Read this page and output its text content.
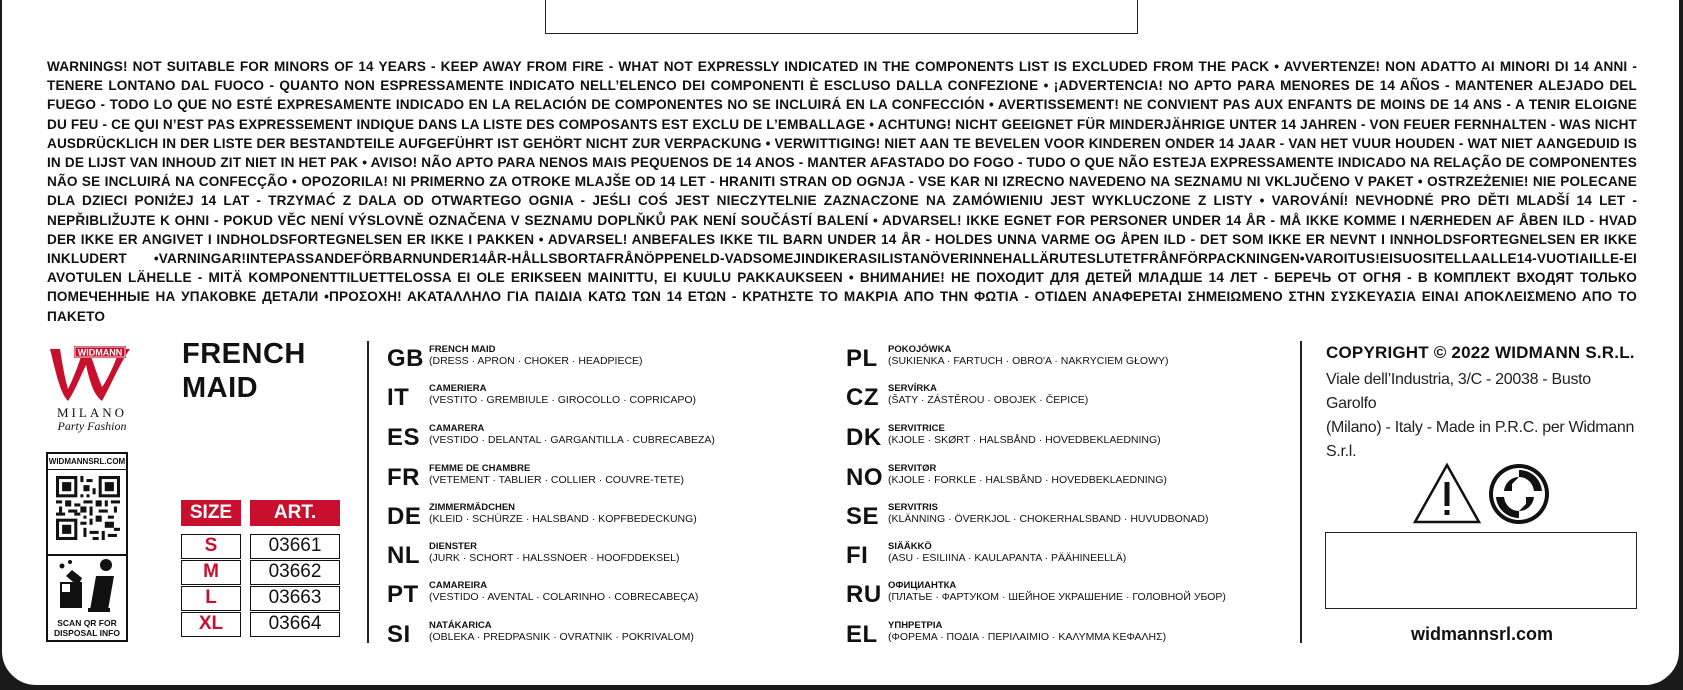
WARNINGS! NOT SUITABLE FOR MINORS OF 14 YEARS - KEEP AWAY FROM FIRE - WHAT NOT EXPRESSLY INDICATED IN THE COMPONENTS LIST IS EXCLUDED FROM THE PACK • AVVERTENZE! NON ADATTO AI MINORI DI 14 ANNI - TENERE LONTANO DAL FUOCO - QUANTO NON ESPRESSAMENTE INDICATO NELL’ELENCO DEI COMPONENTI È ESCLUSO DALLA CONFEZIONE • ¡ADVERTENCIA! NO APTO PARA MENORES DE 14 AÑOS - MANTENER ALEJADO DEL FUEGO - TODO LO QUE NO ESTÉ EXPRESAMENTE INDICADO EN LA RELACIÓN DE COMPONENTES NO SE INCLUIRÁ EN LA CONFECCIÓN • AVERTISSEMENT! NE CONVIENT PAS AUX ENFANTS DE MOINS DE 14 ANS - A TENIR ELOIGNE DU FEU - CE QUI N’EST PAS EXPRESSEMENT INDIQUE DANS LA LISTE DES COMPOSANTS EST EXCLU DE L’EMBALLAGE • ACHTUNG! NICHT GEEIGNET FÜR MINDERJÄHRIGE UNTER 14 JAHREN - VON FEUER FERNHALTEN - WAS NICHT AUSDRÜCKLICH IN DER LISTE DER BESTANDTEILE AUFGEFÜHRT IST GEHÖRT NICHT ZUR VERPACKUNG • VERWITTIGING! NIET AAN TE BEVELEN VOOR KINDEREN ONDER 14 JAAR - VAN HET VUUR HOUDEN - WAT NIET AANGEDUID IS IN DE LIJST VAN INHOUD ZIT NIET IN HET PAK • AVISO! NÃO APTO PARA NENOS MAIS PEQUENOS DE 14 ANOS - MANTER AFASTADO DO FOGO - TUDO O QUE NÃO ESTEJA EXPRESSAMENTE INDICADO NA RELAÇÃO DE COMPONENTES NÃO SE INCLUIRÁ NA CONFECÇÃO • OPOZORILA! NI PRIMERNO ZA OTROKE MLAJŠE OD 14 LET - HRANITI STRAN OD OGNJA - VSE KAR NI IZRECNO NAVEDENO NA SEZNAMU NI VKLJUČENO V PAKET • OSTRZEŻENIE! NIE POLECANE DLA DZIECI PONIŻEJ 14 LAT - TRZYMAĆ Z DALA OD OTWARTEGO OGNIA - JEŚLI COŚ JEST NIECZYTELNIE ZAZNACZONE NA ZAMÓWIENIU JEST WYKLUCZONE Z LISTY • VAROVÁNÍ! NEVHODNÉ PRO DĚTI MLADŠÍ 14 LET - NEPŘIBLIŽUJTE K OHNI - POKUD VĚC NENÍ VÝSLOVNĚ OZNAČENA V SEZNAMU DOPLŇKŮ PAK NENÍ SOUČÁSTÍ BALENÍ • ADVARSEL! IKKE EGNET FOR PERSONER UNDER 14 ÅR - MÅ IKKE KOMME I NÆRHEDEN AF ÅBEN ILD - HVAD DER IKKE ER ANGIVET I INDHOLDSFORTEGNELSEN ER IKKE I PAKKEN • ADVARSEL! ANBEFALES IKKE TIL BARN UNDER 14 ÅR - HOLDES UNNA VARME OG ÅPEN ILD - DET SOM IKKE ER NEVNT I INNHOLDSFORTEGNELSEN ER IKKE INKLUDERT •VARNINGAR!INTEPASSANDEFÖRBARNUNDER14ÅR-HÅLLSBORTAFRÅNÖPPENELD-VADSOMEJINDIKERASILISTANÖVERINNEHALLÄRUTESLUTETFRÅNFÖRPACKNINGEN•VAROITUS!EISUOSITELLAALLE14-VUOTIAILLE-EI AVOTULEN LÄHELLE - MITÄ KOMPONENTTILUETTELOSSA EI OLE ERIKSEEN MAINITTU, EI KUULU PAKKAUKSEEN • ВНИМАНИЕ! НЕ ПОХОДИТ ДЛЯ ДЕТЕЙ МЛАДШЕ 14 ЛЕТ - БЕРЕЧЬ ОТ ОГНЯ - В КОМПЛЕКТ ВХОДЯТ ТОЛЬКО ПОМЕЧЕННЫЕ НА УПАКОВКЕ ДЕТАЛИ •ΠΡΟΣΟΧΗ! ΑΚΑΤΑΛΛΗΛΟ ΓΙΑ ΠΑΙΔΙΑ ΚΑΤΩ ΤΩΝ 14 ΕΤΩΝ - ΚΡΑΤΗΣΤΕ ΤΟ ΜΑΚΡΙΑ ΑΠΟ ΤΗΝ ΦΩΤΙΑ - ΟΤΙΔΕΝ ΑΝΑΦΕΡΕΤΑΙ ΣΗΜΕΙΩΜΕΝΟ ΣΤΗΝ ΣΥΣΚΕΥΑΣΙΑ ΕΙΝΑΙ ΑΠΟΚΛΕΙΣΜΕΝΟ ΑΠΟ ΤΟ ΠΑΚΕΤΟ
WIDMANN
MILANO
Party Fashion
WIDMANNSRL.COM
SCAN QR FOR
DISPOSAL INFO
FRENCH
MAID
SIZE	ART.
S	03661
M	03662
L	03663
XL	03664
GB FRENCH MAID
(DRESS · APRON · CHOKER · HEADPIECE)
IT CAMERIERA
(VESTITO · GREMBIULE · GIROCOLLO · COPRICAPO)
ES CAMARERA
(VESTIDO · DELANTAL · GARGANTILLA · CUBRECABEZA)
FR FEMME DE CHAMBRE
(VETEMENT · TABLIER · COLLIER · COUVRE-TETE)
DE ZIMMERMÄDCHEN
(KLEID · SCHÜRZE · HALSBAND · KOPFBEDECKUNG)
NL DIENSTER
(JURK · SCHORT · HALSSNOER · HOOFDDEKSEL)
PT CAMAREIRA
(VESTIDO · AVENTAL · COLARINHO · COBRECABEÇA)
SI NATÁKARICA
(OBLEKA · PREDPASNIK · OVRATNIK · POKRIVALOM)
PL POKOJÓWKA
(SUKIENKA · FARTUCH · OBRO'A · NAKRYCIEM GŁOWY)
CZ SERVÍRKA
(ŠATY · ZÁSTĚROU · OBOJEK · ČEPICE)
DK SERVITRICE
(KJOLE · SKØRT · HALSBÅND · HOVEDBEKLAEDNING)
NO SERVITØR
(KJOLE · FORKLE · HALSBÅND · HOVEDBEKLAEDNING)
SE SERVITRIS
(KLÄNNING · ÖVERKJOL · CHOKERHALSBAND · HUVUDBONAD)
FI SIÄÄKKÖ
(ASU · ESILIINA · KAULAPANTA · PÄÄHINEELLÄ)
RU ОФИЦИАНТКА
(ПЛАТЬЕ · ФАРТУКОМ · ШЕЙНОЕ УКРАШЕНИЕ · ГОЛОВНОЙ УБОР)
EL ΥΠΗΡΕΤΡΙΑ
(ΦΟΡΕΜΑ · ΠΟΔΙΑ · ΠΕΡΙΛΑΙΜΙΟ · ΚΑΛΥΜΜΑ ΚΕΦΑΛΗΣ)
COPYRIGHT © 2022 WIDMANN S.R.L.
Viale dell’Industria, 3/C - 20038 - Busto Garolfo
(Milano) - Italy - Made in P.R.C. per Widmann S.r.l.
widmannsrl.com
